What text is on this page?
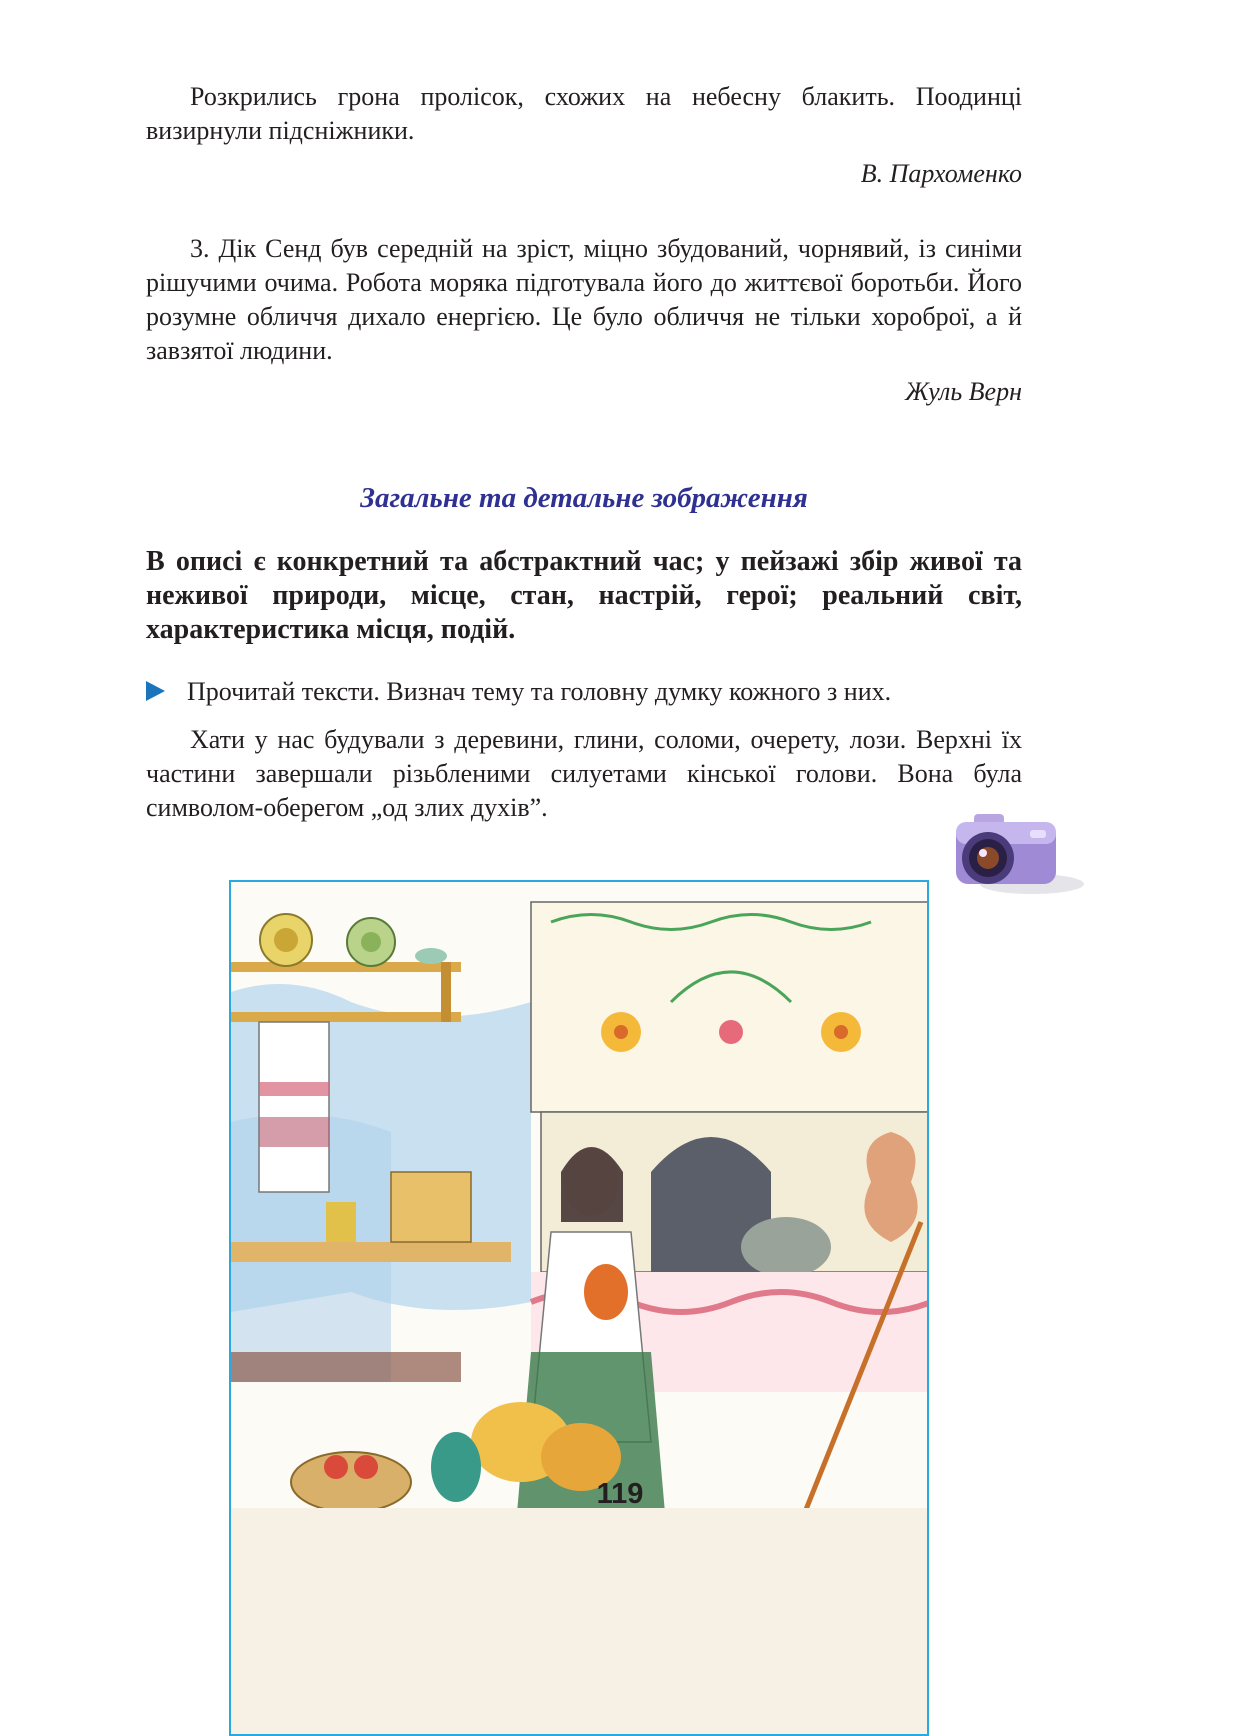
Розкрились грона пролісок, схожих на небесну блакить. Поодинці визирнули підсніжники.

В. Пархоменко

3. Дік Сенд був середній на зріст, міцно збудований, чорнявий, із синіми рішучими очима. Робота моряка підготувала його до життєвої боротьби. Його розумне обличчя дихало енергією. Це було обличчя не тільки хороброї, а й завзятої людини.

Жуль Верн

Загальне та детальне зображення

В описі є конкретний та абстрактний час; у пейзажі збір живої та неживої природи, місце, стан, настрій, герої; реальний світ, характеристика місця, подій.

Прочитай тексти. Визнач тему та головну думку кожного з них.

Хати у нас будували з деревини, глини, соломи, очерету, лози. Верхні їх частини завершали різьбленими силуетами кінської голови. Вона була символом-оберегом „од злих духів”.

119
